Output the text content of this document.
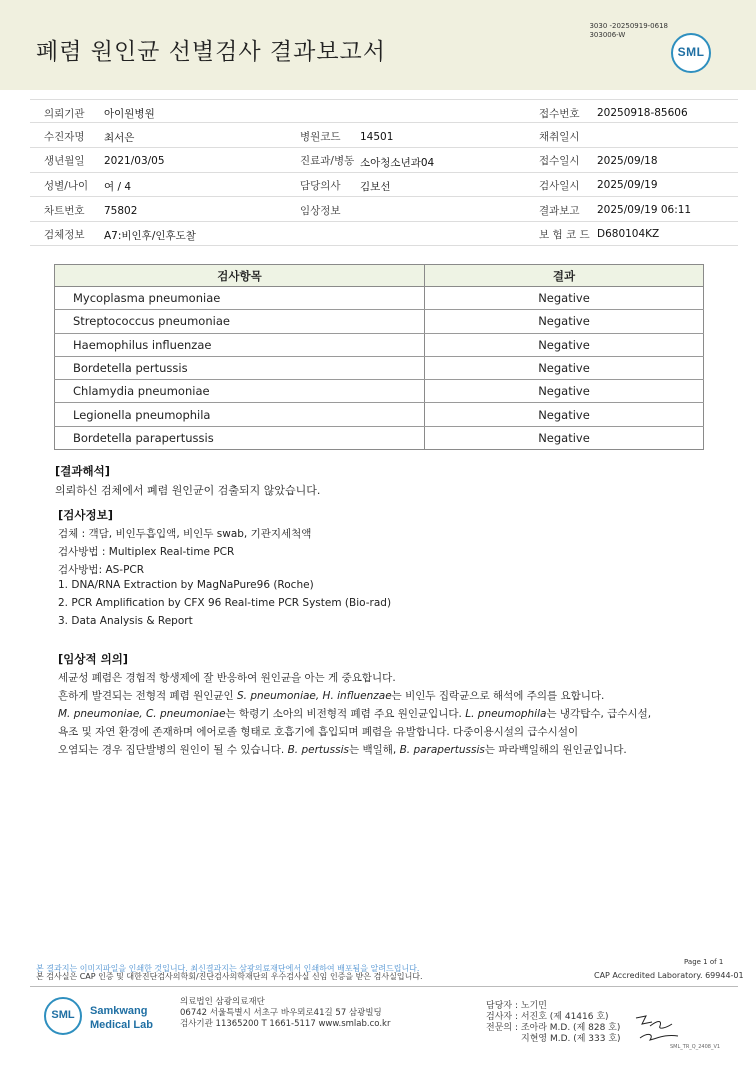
폐렴 원인균 선별검사 결과보고서
3030 -20250919-0618
303006-W
SML
의뢰기관 아이원병원	접수번호 20250918-85606
수진자명 최서은	병원코드 14501	채취일시
생년월일 2021/03/05	진료과/병동 소아청소년과04	접수일시 2025/09/18
성별/나이 여 / 4	담당의사 김보선	검사일시 2025/09/19
차트번호 75802	임상정보	결과보고 2025/09/19 06:11
검체정보 A7:비인후/인후도찰	보 험 코 드 D680104KZ
검사항목	결과
Mycoplasma pneumoniae	Negative
Streptococcus pneumoniae	Negative
Haemophilus influenzae	Negative
Bordetella pertussis	Negative
Chlamydia pneumoniae	Negative
Legionella pneumophila	Negative
Bordetella parapertussis	Negative
[결과해석]
의뢰하신 검체에서 폐렴 원인균이 검출되지 않았습니다.
[검사정보]
검체 : 객담, 비인두흡입액, 비인두 swab, 기관지세척액
검사방법 : Multiplex Real-time PCR
검사방법: AS-PCR
1. DNA/RNA Extraction by MagNaPure96 (Roche)
2. PCR Amplification by CFX 96 Real-time PCR System (Bio-rad)
3. Data Analysis & Report
[임상적 의의]
세균성 폐렴은 경험적 항생제에 잘 반응하여 원인균을 아는 게 중요합니다.
흔하게 발견되는 전형적 폐렴 원인균인 S. pneumoniae, H. influenzae는 비인두 집락균으로 해석에 주의를 요합니다.
M. pneumoniae, C. pneumoniae는 학령기 소아의 비전형적 폐렴 주요 원인균입니다. L. pneumophila는 냉각탑수, 급수시설,
욕조 및 자연 환경에 존재하며 에어로졸 형태로 호흡기에 흡입되며 폐렴을 유발합니다. 다중이용시설의 급수시설이
오염되는 경우 집단발병의 원인이 될 수 있습니다. B. pertussis는 백일해, B. parapertussis는 파라백일해의 원인균입니다.
Page 1 of 1
본 결과지는 이미지파일을 인쇄한 것입니다. 최신결과지는 삼광의료재단에서 인쇄하여 배포됨을 알려드립니다.
본 검사실은 CAP 인증 및 대한진단검사의학회/진단검사의학재단의 우수검사실 신임 인증을 받은 검사실입니다.	CAP Accredited Laboratory. 69944-01
SML	Samkwang
Medical Lab
의료법인 삼광의료재단
06742 서울특별시 서초구 바우뫼로41길 57 삼광빌딩
검사기관 11365200 T 1661-5117 www.smlab.co.kr
담당자 : 노기민
검사자 : 서진호 (제 41416 호)
전문의 : 조아라 M.D. (제 828 호)
지현영 M.D. (제 333 호)
SML_TR_Q_2408_V1
